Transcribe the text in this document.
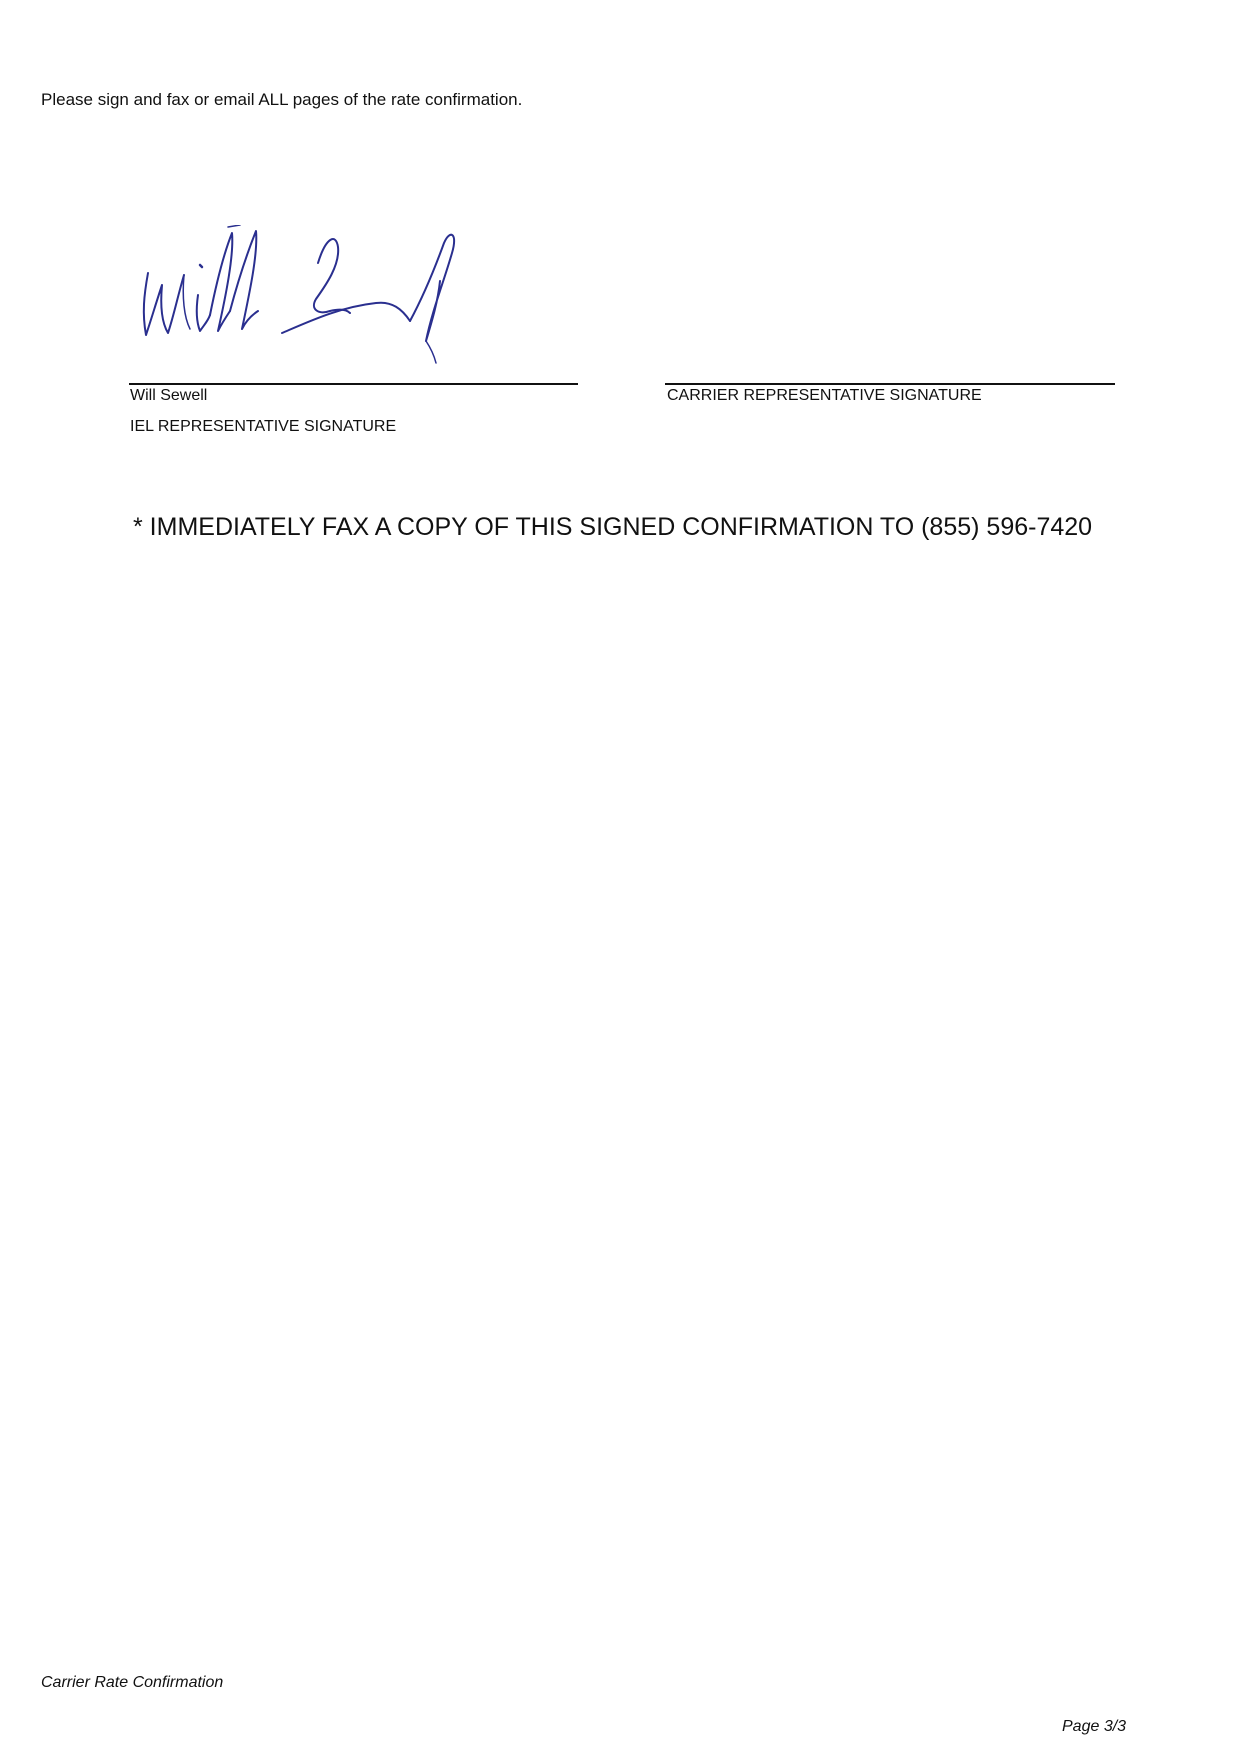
Please sign and fax or email ALL pages of the rate confirmation.

Will Sewell

IEL REPRESENTATIVE SIGNATURE

CARRIER REPRESENTATIVE SIGNATURE

* IMMEDIATELY FAX A COPY OF THIS SIGNED CONFIRMATION TO (855) 596-7420

Carrier Rate Confirmation

Page 3/3
